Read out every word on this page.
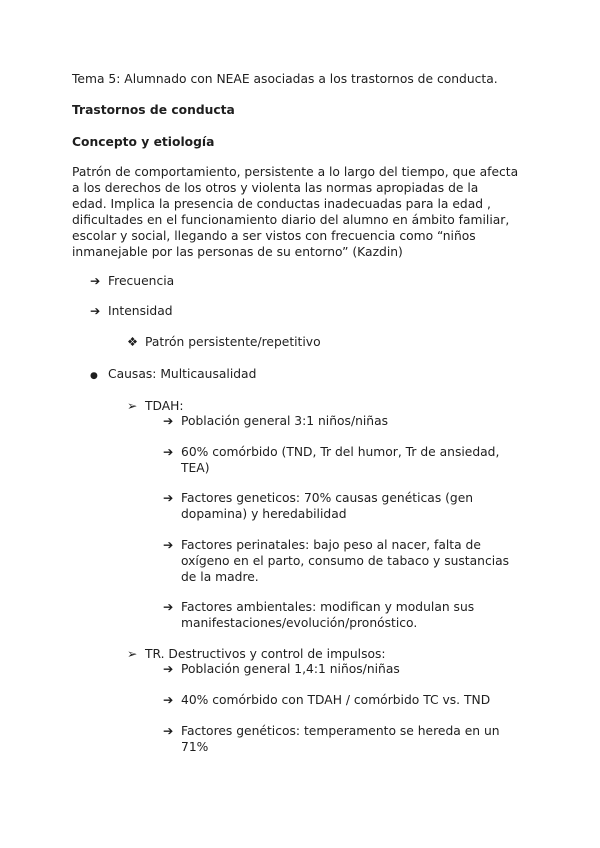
Tema 5: Alumnado con NEAE asociadas a los trastornos de conducta.
Trastornos de conducta
Concepto y etiología
Patrón de comportamiento, persistente a lo largo del tiempo, que afecta
a los derechos de los otros y violenta las normas apropiadas de la
edad. Implica la presencia de conductas inadecuadas para la edad ,
dificultades en el funcionamiento diario del alumno en ámbito familiar,
escolar y social, llegando a ser vistos con frecuencia como “niños
inmanejable por las personas de su entorno” (Kazdin)
➔ Frecuencia
➔ Intensidad
❖ Patrón persistente/repetitivo
● Causas: Multicausalidad
➢ TDAH:
➔ Población general 3:1 niños/niñas
➔ 60% comórbido (TND, Tr del humor, Tr de ansiedad,
TEA)
➔ Factores geneticos: 70% causas genéticas (gen
dopamina) y heredabilidad
➔ Factores perinatales: bajo peso al nacer, falta de
oxígeno en el parto, consumo de tabaco y sustancias
de la madre.
➔ Factores ambientales: modifican y modulan sus
manifestaciones/evolución/pronóstico.
➢ TR. Destructivos y control de impulsos:
➔ Población general 1,4:1 niños/niñas
➔ 40% comórbido con TDAH / comórbido TC vs. TND
➔ Factores genéticos: temperamento se hereda en un
71%
